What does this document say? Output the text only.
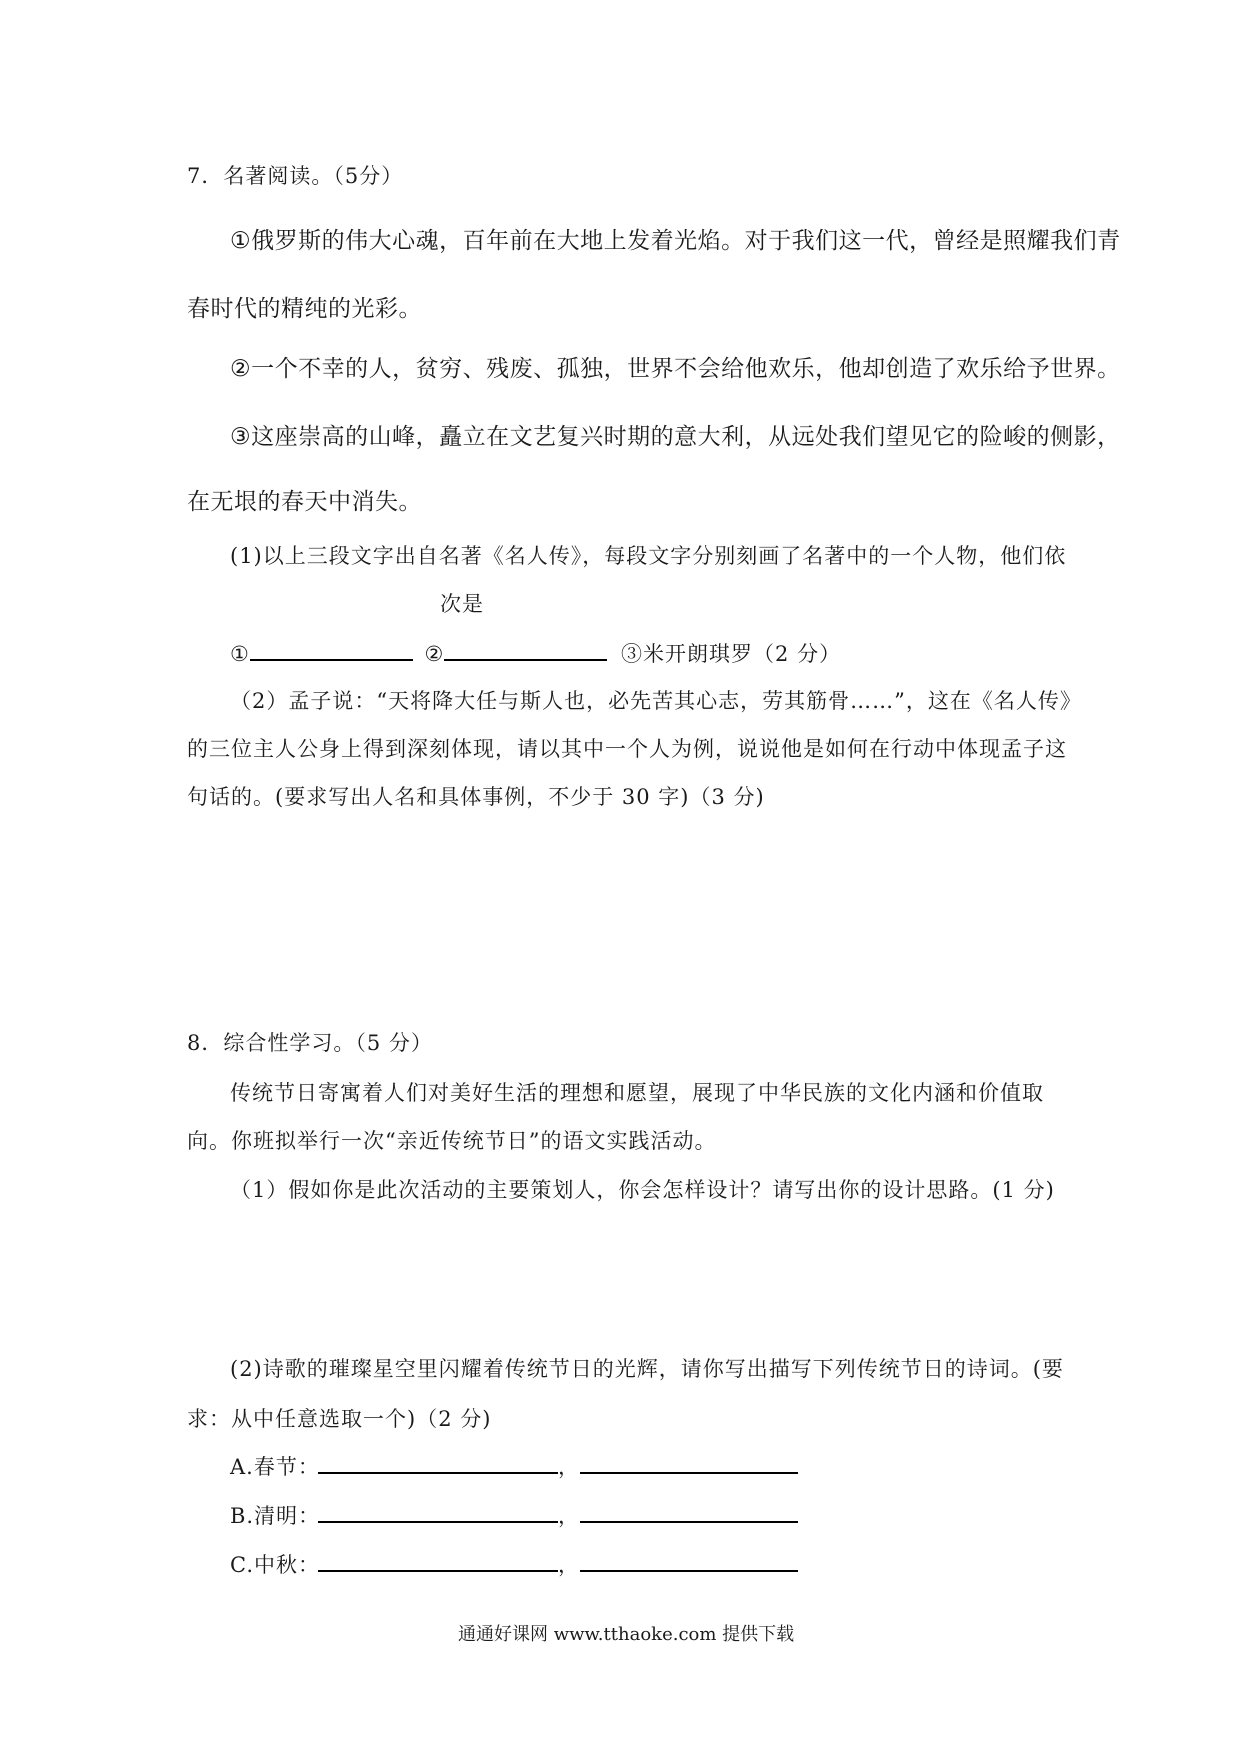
7．名著阅读。（5分）
①俄罗斯的伟大心魂，百年前在大地上发着光焰。对于我们这一代，曾经是照耀我们青
春时代的精纯的光彩。
②一个不幸的人，贫穷、残废、孤独，世界不会给他欢乐，他却创造了欢乐给予世界。
③这座崇高的山峰，矗立在文艺复兴时期的意大利，从远处我们望见它的险峻的侧影，
在无垠的春天中消失。
(1)以上三段文字出自名著《名人传》，每段文字分别刻画了名著中的一个人物，他们依
次是
①	②	③米开朗琪罗（2 分）
（2）孟子说：“天将降大任与斯人也，必先苦其心志，劳其筋骨……”，这在《名人传》
的三位主人公身上得到深刻体现，请以其中一个人为例，说说他是如何在行动中体现孟子这
句话的。(要求写出人名和具体事例，不少于 30 字)（3 分)
8．综合性学习。（5 分）
传统节日寄寓着人们对美好生活的理想和愿望，展现了中华民族的文化内涵和价值取
向。你班拟举行一次“亲近传统节日”的语文实践活动。
（1）假如你是此次活动的主要策划人，你会怎样设计？请写出你的设计思路。(1 分)
(2)诗歌的璀璨星空里闪耀着传统节日的光辉，请你写出描写下列传统节日的诗词。(要
求：从中任意选取一个)（2 分)
A.春节：	，
B.清明：	，
C.中秋：	，
通通好课网 www.tthaoke.com 提供下载
